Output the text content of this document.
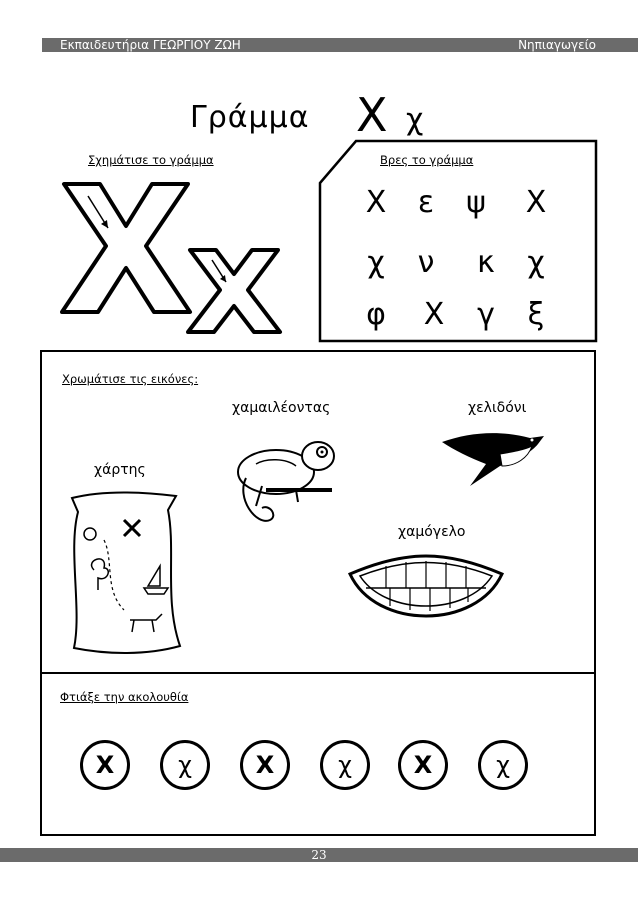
Εκπαιδευτήρια ΓΕΩΡΓΙΟΥ ΖΩΗ	Νηπιαγωγείο
Γράμμα Χ χ
Σχημάτισε το γράμμα	Βρες το γράμμα
Χ	ε	ψ	Χ
χ	ν	κ	χ
φ	Χ	γ	ξ
Χρωμάτισε τις εικόνες:
χαμαιλέοντας	χελιδόνι
χάρτης
χαμόγελο
Φτιάξε την ακολουθία
Χ	χ	Χ	χ	Χ	χ
23
